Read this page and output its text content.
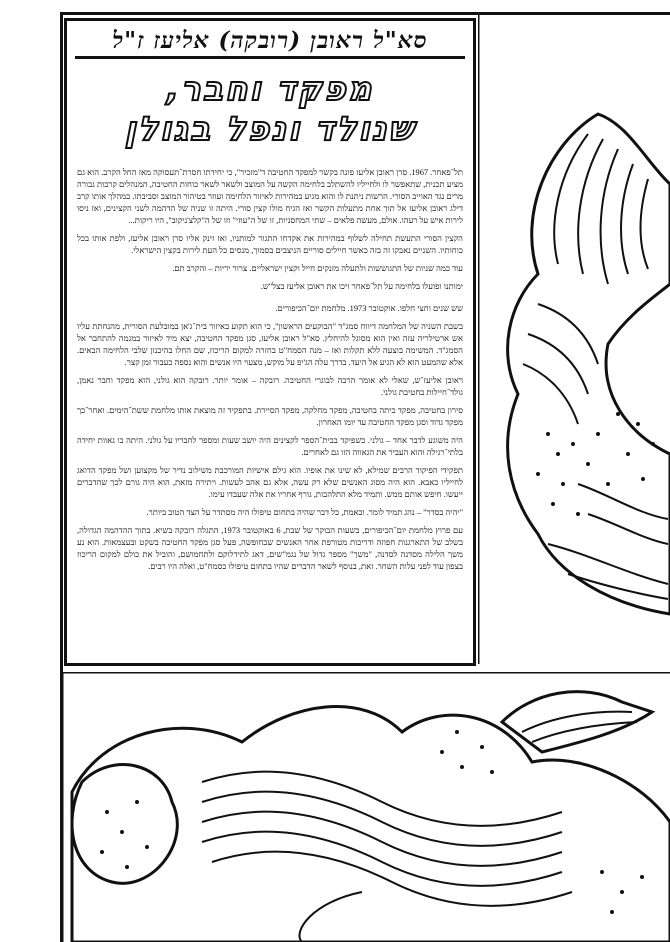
סא"ל ראובן (רובקה) אליעז ז"ל
מפקד וחבר,
שנולד ונפל בגולן

תל־פאחר. 1967. סרן ראובן אליעז פונה בקשר למפקד החטיבה ד"מזכיר", כי יחידתו חסרת־תעסוקה מאז החל הקרב. הוא גם מציע תכנית, שתאפשר לו ולחייליו להשתלב בלחימה הקשה על המוצב ולשאר לשאר כוחות החטיבה, המנהלים קרבות גבורה מרים נגד האוייב הסורי. הרשות ניתנת לו והוא מגיע במהירות לאיזור הלחימה ועוזר בטיהור המוצב וסביבתו. במהלך אותו קרב דילג ראובן אליעז אל תוך אחת מתעלות הקשר ואז הגיח מולו קצין סורי. היתה זו שניה של הדהמה לשני הקצינים, ואז ניסו לירות איש על רעהו. אולם, מעשה פלאים – שתי המחסניות, זו של ה"עוזי" וזו של ה"קלצ'ניקוב", היו ריקות...

הקצין הסורי התעשת תחילה לשלוף במהירות את אקדחו התגור למותניו, ואז זינק אליו סרן ראובן אליעז, ולפת אותו בכל כוחותיו. השניים נאבקו זה בזה כאשר חיילים סוריים הניצבים בסמוך, מנסים כל העת לירות בקצין הישראלי.

עוד כמה שניות של התגוששות ולתעלה מזנקים חייל וקצין ישראליים. צרור יריות – והקרב תם.

ימותנו ופועלו בלחימה על תל־פאחר זיכו את ראובן אליעז בצל"ש.

שש שנים וחצי חלפו. אוקטובר 1973. מלחמת יום־הכיפורים.

בשבת השניה של המלחמה דיווח סמג"ד "הבוקעים הראשון", כי הוא תקוע באיזור בית־ג'אן במובלעת הסורית, מהנחתת עליו אש ארטילריה עזה ואין הוא מסוגל להיחלץ. סא"ל ראובן אליעז, סגן מפקד החטיבה, יצא מיד לאיזור במגמה להתחבר אל הסמג"ד. המשימה בוצעה ללא תקלות ואז – מנה הסמח"ט בחזרה למקום הריכוז, שם החלו בהיכנון שלבי הלחימה הבאים. אלא שהמעט הוא לא הגיע אל היעד. בדרך עלה הג'יפ על מוקש, מצעוי היו אנשים והוא נספה כעבור זמן קצר.

ראובן אליעז־ש, שאלי לא אומר הרבה לבוגרי החטיבה. רובקה – אומר יותר. רובקה הוא גולני, הוא מפקד וחבר נאמן, גולד־חיילות בחטיבת גולני.

סירון בחטיבה, מפקד כיתה בחטיבה, מפקד מחלקה, מפקד הסיירת. בתפקיד זה מוצאת אותו מלחמת ששת־הימים. ואחר־כך מפקד גדוד וסגן מפקד החטיבה עד יומו האחרון.

היה משוגע לדבר אחד – גולני. כשפיקד בבית־הספר לקצינים היה יושב שעות ומספר לחבריו על גולני. היתה בו גאוות יחידה בלתי־רגילה והוא העביר את הגאווה הזו גם לאחרים.

תפקידי הפיקוד הרבים שמילא, לא שינו את אופיו. הוא גילם אישיות המורכבת משילוב נדיר של מקצוען ושל מפקד הדואג לחייליו כאבא. הוא היה מסוג האנשים שלא רק עשה, אלא גם אהב לעשות. ויתירה מזאת, הוא היה גורם לכך שהדברים ייעשו. חיפש אותם ממש. ותמיד מלא התלהבות, גורף אחריו את אלה שעבדו עימו.

"יהיה בסדר" – נהג תמיד לומר. ובאמת, כל דבר שהיה בתחום טיפולו היה מסתדר על הצד הטוב ביותר.

עם פרוץ מלחמת יום־הכיפורים, בשעות הבוקר של שבת, 6 באוקטובר 1973, התגלה רובקה בשיא. בתוך ההדהמה הגדולה, בשלב של התארגנות חפוזה ודריכות מטורפת אחר האנשים שבחופשה, פעל סגן מפקד החטיבה בשקט ובעצמאות. הוא נע משך הלילה מסדנה לסדנה, "משך" מספר גדול של נגמ"שים, דאג לתידלוקם ולתחמושם, והוביל את כולם למקום הריכוז בצפון עוד לפני עלות השחר. זאת, בנוסף לשאר הדברים שהיו בתחום טיפולו כסמח"ט, ואלה היו רבים.
